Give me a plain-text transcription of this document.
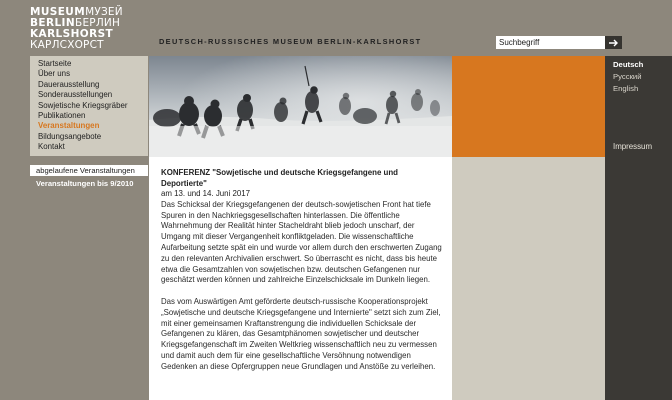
MUSEUM МУЗЕЙ
BERLIN БЕРЛИН
KARLSHORST
КАРЛСХОРСТ	DEUTSCH-RUSSISCHES MUSEUM BERLIN-KARLSHORST
Suchbegriff
Startseite
Über uns
Dauerausstellung
Sonderausstellungen
Sowjetische Kriegsgräber
Publikationen
Veranstaltungen
Bildungsangebote
Kontakt
Deutsch
Русский
English
Impressum
abgelaufene Veranstaltungen
Veranstaltungen bis 9/2010
KONFERENZ "Sowjetische und deutsche Kriegsgefangene und Deportierte"
am 13. und 14. Juni 2017

Das Schicksal der Kriegsgefangenen der deutsch-sowjetischen Front hat tiefe Spuren in den Nachkriegsgesellschaften hinterlassen. Die öffentliche Wahrnehmung der Realität hinter Stacheldraht blieb jedoch unscharf, der Umgang mit dieser Vergangenheit konfliktgeladen. Die wissenschaftliche Aufarbeitung setzte spät ein und wurde vor allem durch den erschwerten Zugang zu den relevanten Archivalien erschwert. So überrascht es nicht, dass bis heute etwa die Gesamtzahlen von sowjetischen bzw. deutschen Gefangenen nur geschätzt werden können und zahlreiche Einzelschicksale im Dunkeln liegen.

Das vom Auswärtigen Amt geförderte deutsch-russische Kooperationsprojekt „Sowjetische und deutsche Kriegsgefangene und Internierte" setzt sich zum Ziel, mit einer gemeinsamen Kraftanstrengung die individuellen Schicksale der Gefangenen zu klären, das Gesamtphänomen sowjetischer und deutscher Kriegsgefangenschaft im Zweiten Weltkrieg wissenschaftlich neu zu vermessen und damit auch dem für eine gesellschaftliche Versöhnung notwendigen Gedenken an diese Opfergruppen neue Grundlagen und Anstöße zu verleihen.
